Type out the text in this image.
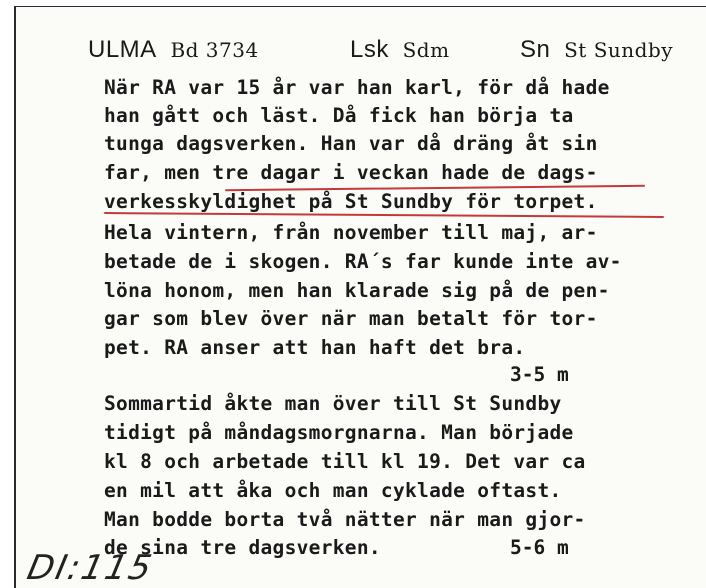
ULMA Bd 3734	Lsk Sdm	Sn St Sundby
När RA var 15 år var han karl, för då hade
han gått och läst. Då fick han börja ta
tunga dagsverken. Han var då dräng åt sin
far, men tre dagar i veckan hade de dags-
verkesskyldighet på St Sundby för torpet.
Hela vintern, från november till maj, ar-
betade de i skogen. RA´s far kunde inte av-
löna honom, men han klarade sig på de pen-
gar som blev över när man betalt för tor-
pet. RA anser att han haft det bra.
3-5 m
Sommartid åkte man över till St Sundby
tidigt på måndagsmorgnarna. Man började
kl 8 och arbetade till kl 19. Det var ca
en mil att åka och man cyklade oftast.
Man bodde borta två nätter när man gjor-
de sina tre dagsverken.	5-6 m
DI:115
